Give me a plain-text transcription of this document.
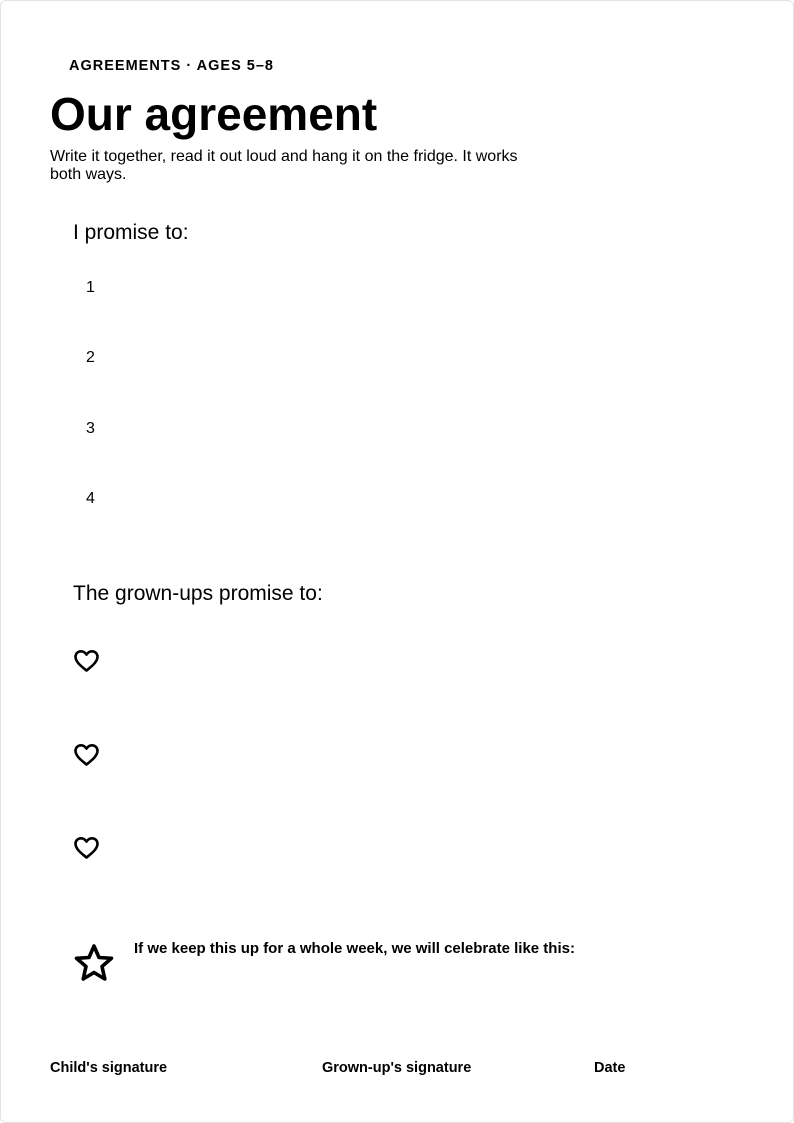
AGREEMENTS · AGES 5–8
Our agreement

Write it together, read it out loud and hang it on the fridge. It works both ways.

I promise to:
1
2
3
4
The grown-ups promise to:
If we keep this up for a whole week, we will celebrate like this:
Child's signature	Grown-up's signature	Date
